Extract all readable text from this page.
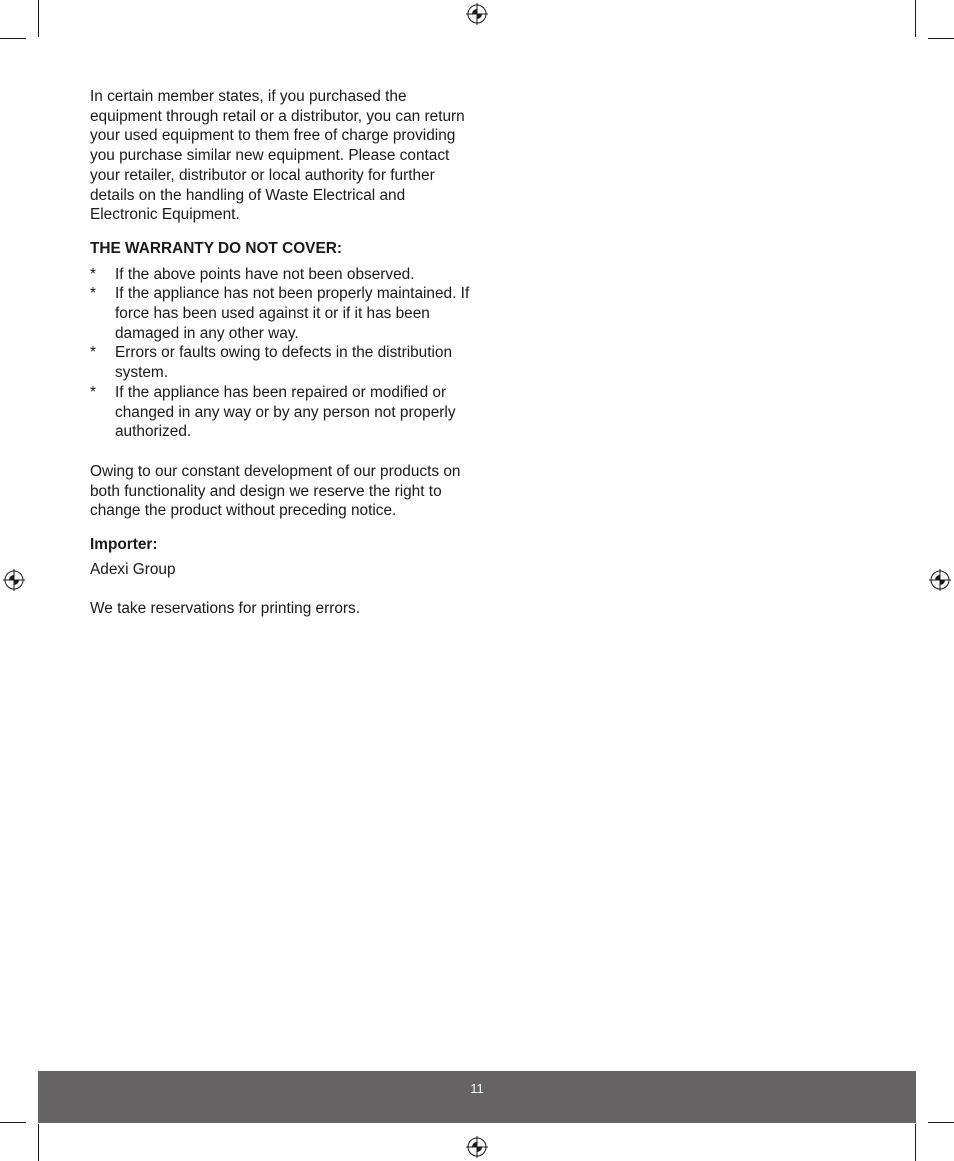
In certain member states, if you purchased the equipment through retail or a distributor, you can return your used equipment to them free of charge providing you purchase similar new equipment. Please contact your retailer, distributor or local authority for further details on the handling of Waste Electrical and Electronic Equipment.

THE WARRANTY DO NOT COVER:

* If the above points have not been observed.
* If the appliance has not been properly maintained. If force has been used against it or if it has been damaged in any other way.
* Errors or faults owing to defects in the distribution system.
* If the appliance has been repaired or modified or changed in any way or by any person not properly authorized.

Owing to our constant development of our products on both functionality and design we reserve the right to change the product without preceding notice.

Importer:

Adexi Group

We take reservations for printing errors.

11
